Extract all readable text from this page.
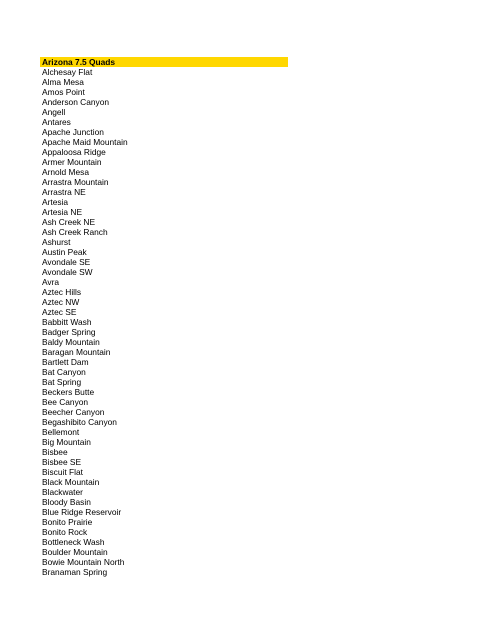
Arizona 7.5 Quads
Alchesay Flat
Alma Mesa
Amos Point
Anderson Canyon
Angell
Antares
Apache Junction
Apache Maid Mountain
Appaloosa Ridge
Armer Mountain
Arnold Mesa
Arrastra Mountain
Arrastra NE
Artesia
Artesia NE
Ash Creek NE
Ash Creek Ranch
Ashurst
Austin Peak
Avondale SE
Avondale SW
Avra
Aztec Hills
Aztec NW
Aztec SE
Babbitt Wash
Badger Spring
Baldy Mountain
Baragan Mountain
Bartlett Dam
Bat Canyon
Bat Spring
Beckers Butte
Bee Canyon
Beecher Canyon
Begashibito Canyon
Bellemont
Big Mountain
Bisbee
Bisbee SE
Biscuit Flat
Black Mountain
Blackwater
Bloody Basin
Blue Ridge Reservoir
Bonito Prairie
Bonito Rock
Bottleneck Wash
Boulder Mountain
Bowie Mountain North
Branaman Spring
